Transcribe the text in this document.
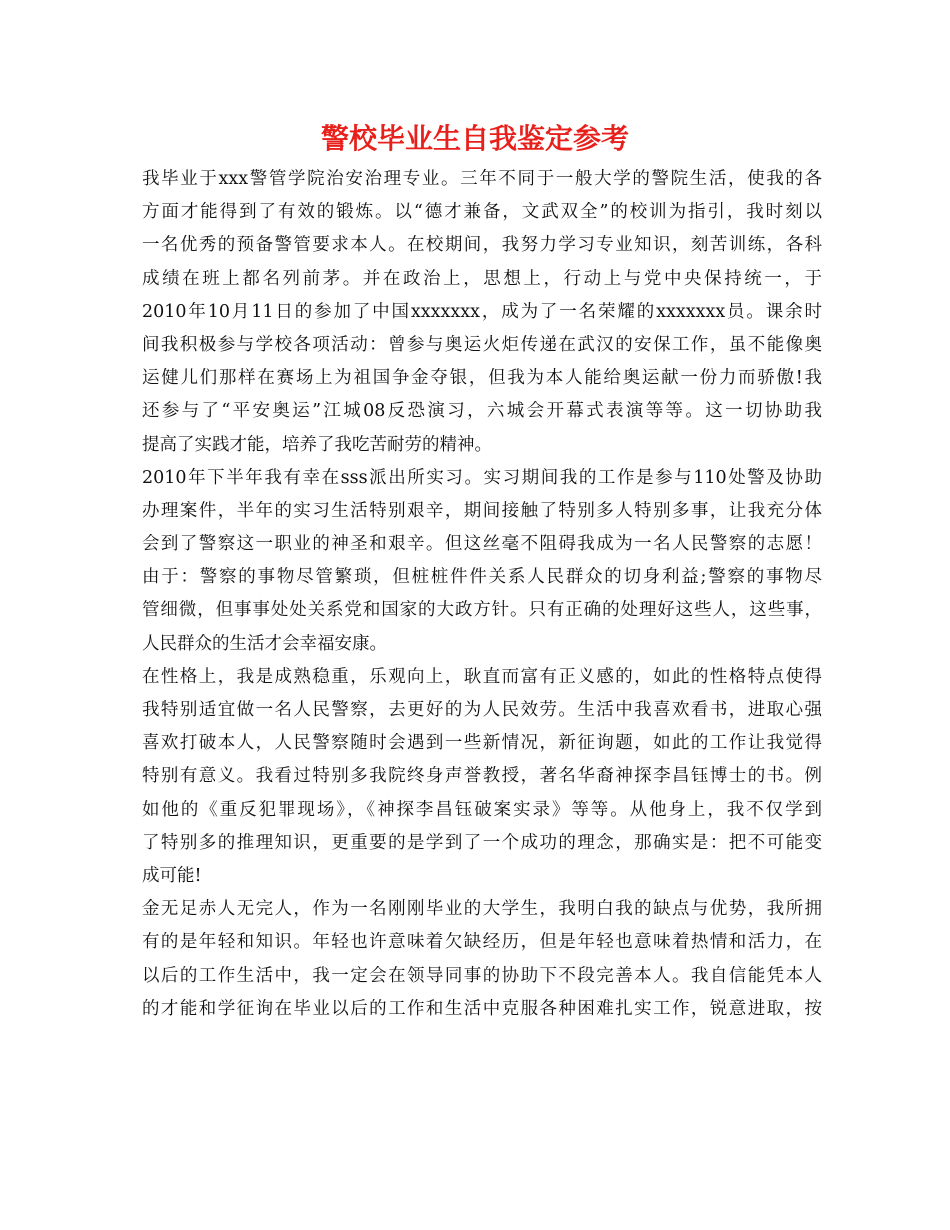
警校毕业生自我鉴定参考
我毕业于xxx警管学院治安治理专业。三年不同于一般大学的警院生活，使我的各
方面才能得到了有效的锻炼。以“德才兼备，文武双全”的校训为指引，我时刻以
一名优秀的预备警管要求本人。在校期间，我努力学习专业知识，刻苦训练，各科
成绩在班上都名列前茅。并在政治上，思想上，行动上与党中央保持统一，于
2010年10月11日的参加了中国xxxxxxx，成为了一名荣耀的xxxxxxx员。课余时
间我积极参与学校各项活动：曾参与奥运火炬传递在武汉的安保工作，虽不能像奥
运健儿们那样在赛场上为祖国争金夺银，但我为本人能给奥运献一份力而骄傲!我
还参与了“平安奥运”江城08反恐演习，六城会开幕式表演等等。这一切协助我
提高了实践才能，培养了我吃苦耐劳的精神。
2010年下半年我有幸在sss派出所实习。实习期间我的工作是参与110处警及协助
办理案件，半年的实习生活特别艰辛，期间接触了特别多人特别多事，让我充分体
会到了警察这一职业的神圣和艰辛。但这丝毫不阻碍我成为一名人民警察的志愿！
由于：警察的事物尽管繁琐，但桩桩件件关系人民群众的切身利益;警察的事物尽
管细微，但事事处处关系党和国家的大政方针。只有正确的处理好这些人，这些事，
人民群众的生活才会幸福安康。
在性格上，我是成熟稳重，乐观向上，耿直而富有正义感的，如此的性格特点使得
我特别适宜做一名人民警察，去更好的为人民效劳。生活中我喜欢看书，进取心强
喜欢打破本人，人民警察随时会遇到一些新情况，新征询题，如此的工作让我觉得
特别有意义。我看过特别多我院终身声誉教授，著名华裔神探李昌钰博士的书。例
如他的《重反犯罪现场》，《神探李昌钰破案实录》等等。从他身上，我不仅学到
了特别多的推理知识，更重要的是学到了一个成功的理念，那确实是：把不可能变
成可能!
金无足赤人无完人，作为一名刚刚毕业的大学生，我明白我的缺点与优势，我所拥
有的是年轻和知识。年轻也许意味着欠缺经历，但是年轻也意味着热情和活力，在
以后的工作生活中，我一定会在领导同事的协助下不段完善本人。我自信能凭本人
的才能和学征询在毕业以后的工作和生活中克服各种困难扎实工作，锐意进取，按
